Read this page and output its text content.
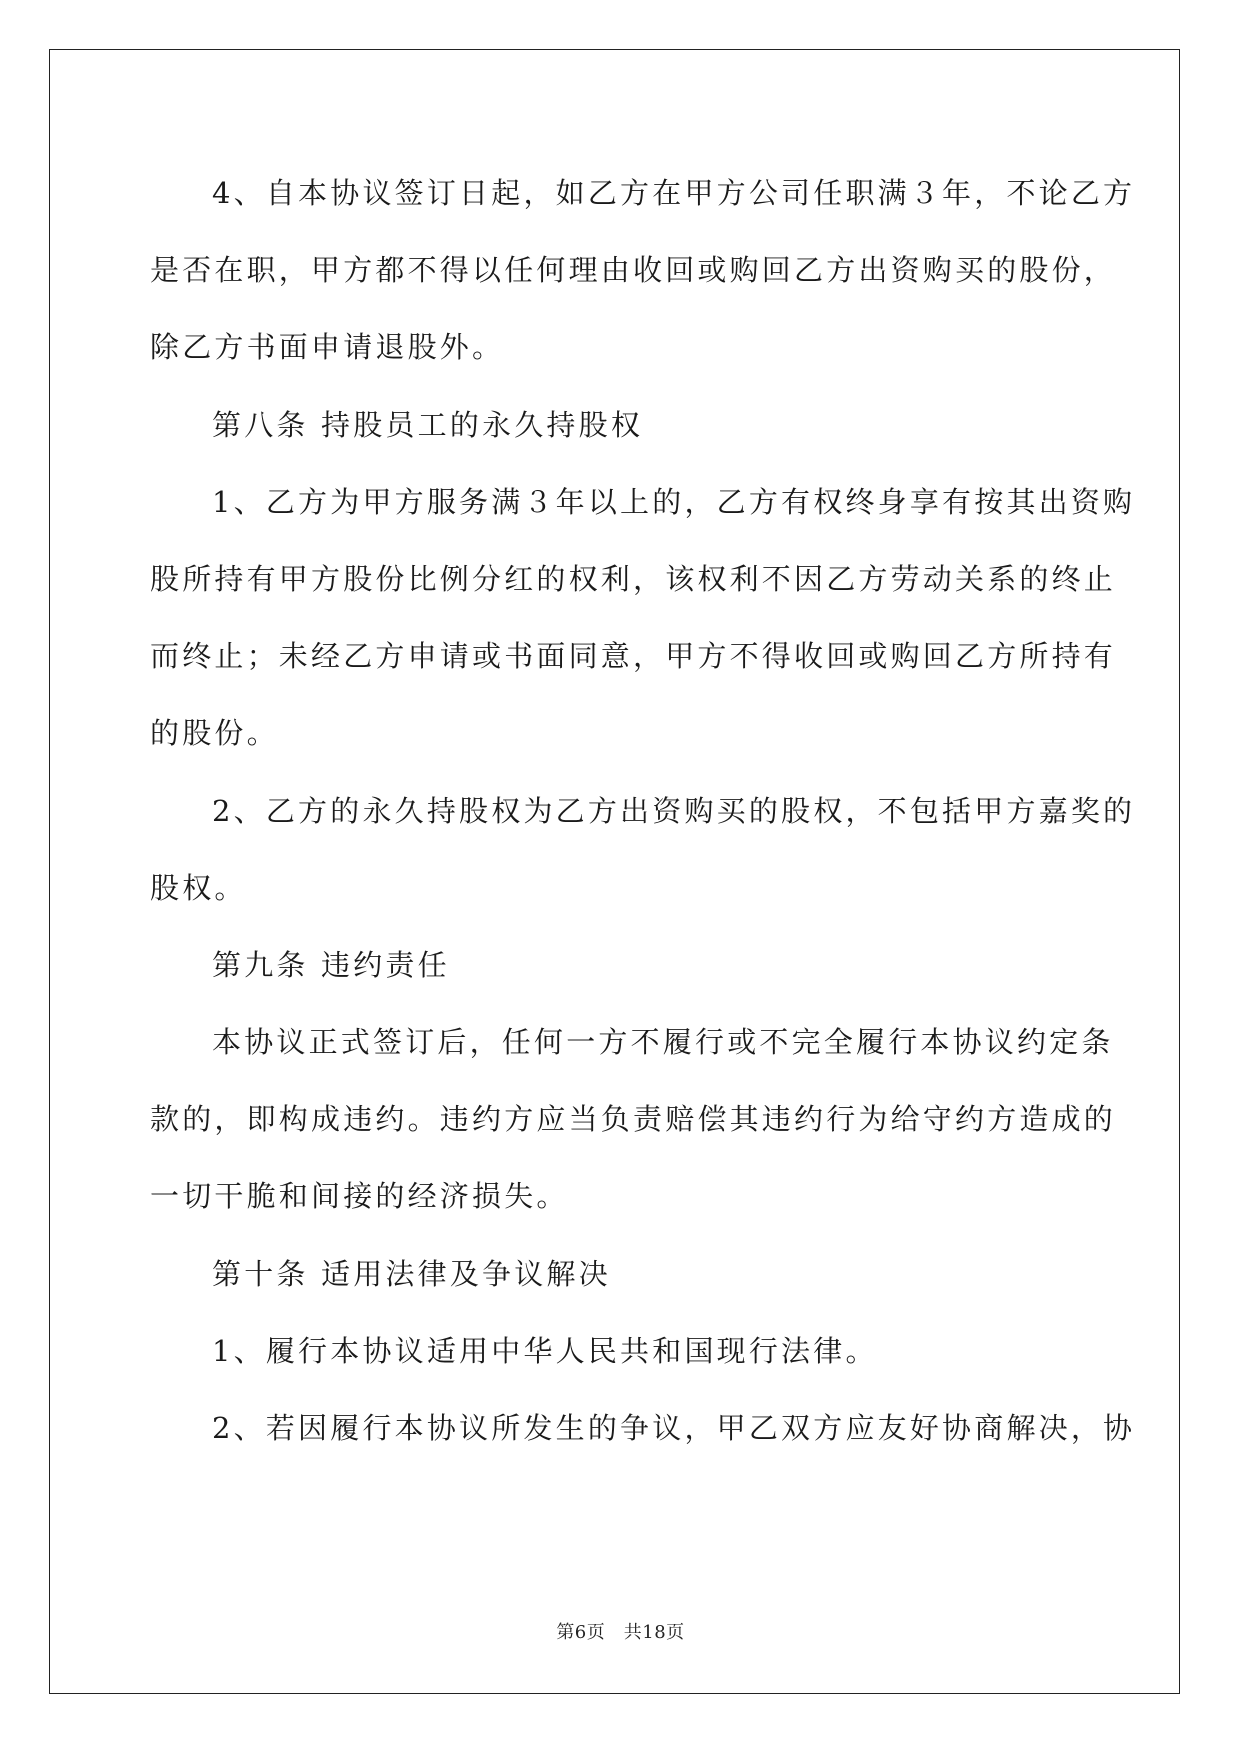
4、自本协议签订日起，如乙方在甲方公司任职满３年，不论乙方
是否在职，甲方都不得以任何理由收回或购回乙方出资购买的股份，
除乙方书面申请退股外。
第八条 持股员工的永久持股权
1、乙方为甲方服务满３年以上的，乙方有权终身享有按其出资购
股所持有甲方股份比例分红的权利，该权利不因乙方劳动关系的终止
而终止；未经乙方申请或书面同意，甲方不得收回或购回乙方所持有
的股份。
2、乙方的永久持股权为乙方出资购买的股权，不包括甲方嘉奖的
股权。
第九条 违约责任
本协议正式签订后，任何一方不履行或不完全履行本协议约定条
款的，即构成违约。违约方应当负责赔偿其违约行为给守约方造成的
一切干脆和间接的经济损失。
第十条 适用法律及争议解决
1、履行本协议适用中华人民共和国现行法律。
2、若因履行本协议所发生的争议，甲乙双方应友好协商解决，协
第6页　共18页
